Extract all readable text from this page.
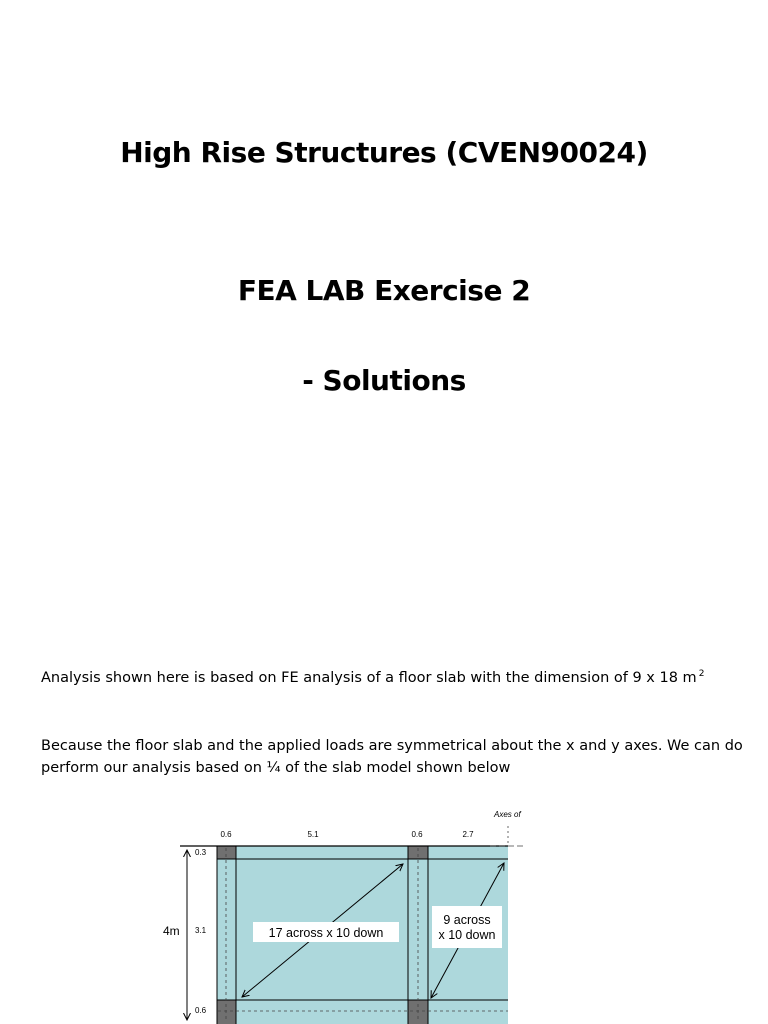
High Rise Structures (CVEN90024)
FEA LAB Exercise 2
- Solutions
Analysis shown here is based on FE analysis of a floor slab with the dimension of 9 x 18 m $^2$
Because the floor slab and the applied loads are symmetrical about the x and y axes. We can do perform our analysis based on ¼ of the slab model shown below
17 across x 10 down
9 across
x 10 down
0.6	5.1	0.6	2.7
Axes of
0.3
3.1
0.6
4m
